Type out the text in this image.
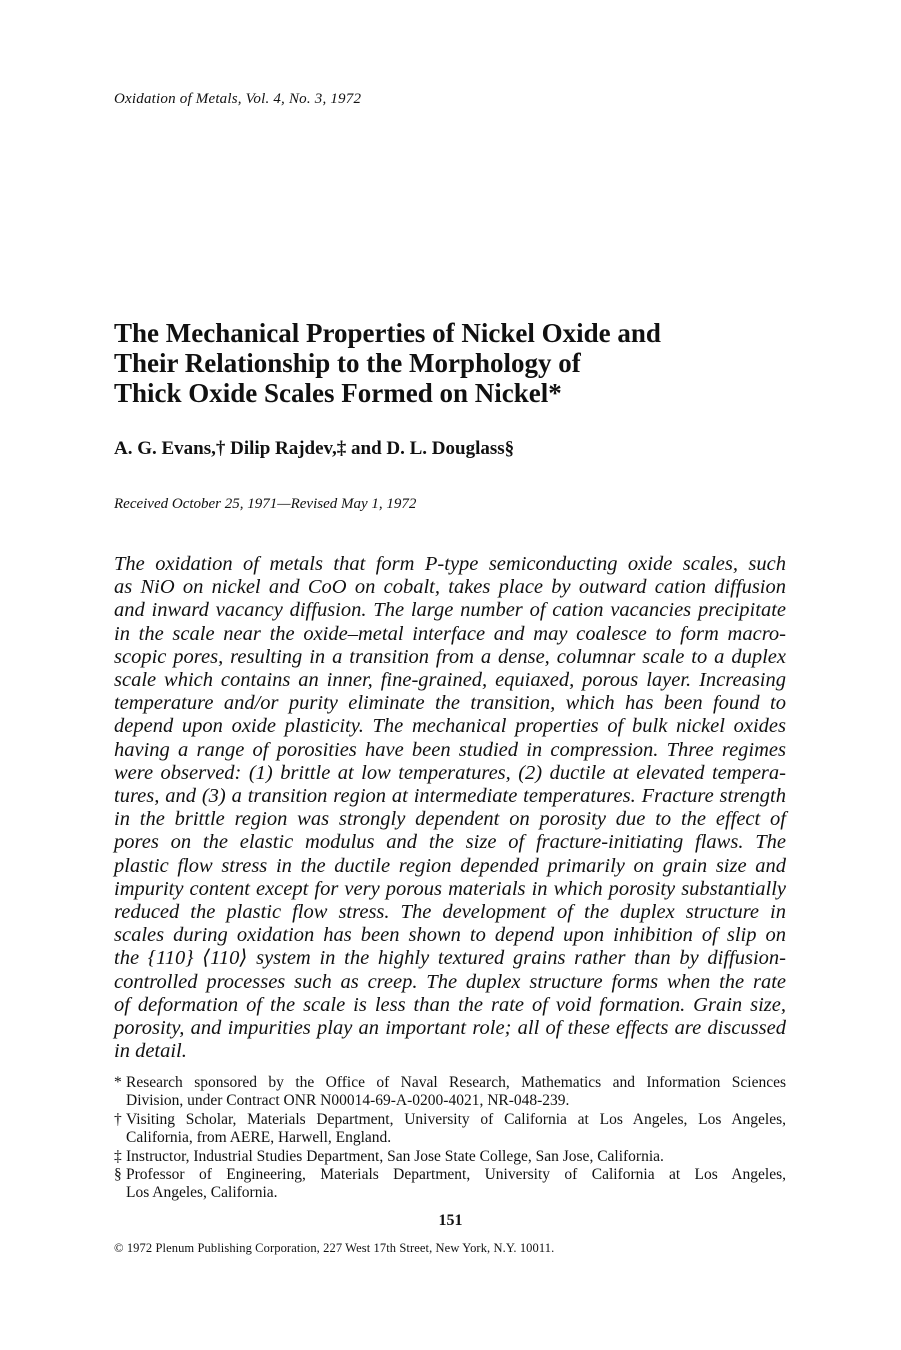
Oxidation of Metals, Vol. 4, No. 3, 1972
The Mechanical Properties of Nickel Oxide and
Their Relationship to the Morphology of
Thick Oxide Scales Formed on Nickel*
A. G. Evans,† Dilip Rajdev,‡ and D. L. Douglass§
Received October 25, 1971—Revised May 1, 1972

The oxidation of metals that form P-type semiconducting oxide scales, such
as NiO on nickel and CoO on cobalt, takes place by outward cation diffusion
and inward vacancy diffusion. The large number of cation vacancies precipitate
in the scale near the oxide–metal interface and may coalesce to form macro-
scopic pores, resulting in a transition from a dense, columnar scale to a duplex
scale which contains an inner, fine-grained, equiaxed, porous layer. Increasing
temperature and/or purity eliminate the transition, which has been found to
depend upon oxide plasticity. The mechanical properties of bulk nickel oxides
having a range of porosities have been studied in compression. Three regimes
were observed: (1) brittle at low temperatures, (2) ductile at elevated tempera-
tures, and (3) a transition region at intermediate temperatures. Fracture strength
in the brittle region was strongly dependent on porosity due to the effect of
pores on the elastic modulus and the size of fracture-initiating flaws. The
plastic flow stress in the ductile region depended primarily on grain size and
impurity content except for very porous materials in which porosity substantially
reduced the plastic flow stress. The development of the duplex structure in
scales during oxidation has been shown to depend upon inhibition of slip on
the {110} ⟨110⟩ system in the highly textured grains rather than by diffusion-
controlled processes such as creep. The duplex structure forms when the rate
of deformation of the scale is less than the rate of void formation. Grain size,
porosity, and impurities play an important role; all of these effects are discussed
in detail.

* Research sponsored by the Office of Naval Research, Mathematics and Information Sciences
Division, under Contract ONR N00014-69-A-0200-4021, NR-048-239.
† Visiting Scholar, Materials Department, University of California at Los Angeles, Los Angeles,
California, from AERE, Harwell, England.
‡ Instructor, Industrial Studies Department, San Jose State College, San Jose, California.
§ Professor of Engineering, Materials Department, University of California at Los Angeles,
Los Angeles, California.
151
© 1972 Plenum Publishing Corporation, 227 West 17th Street, New York, N.Y. 10011.
